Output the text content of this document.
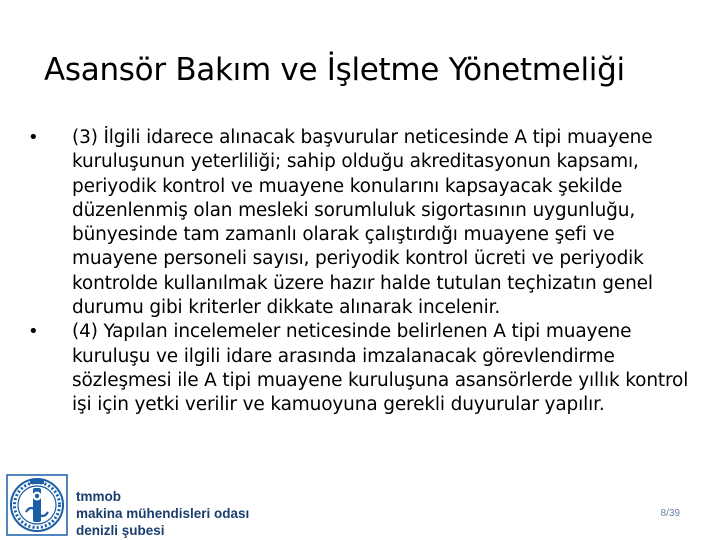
Asansör Bakım ve İşletme Yönetmeliği

•	(3) İlgili idarece alınacak başvurular neticesinde A tipi muayene kuruluşunun yeterliliği; sahip olduğu akreditasyonun kapsamı, periyodik kontrol ve muayene konularını kapsayacak şekilde düzenlenmiş olan mesleki sorumluluk sigortasının uygunluğu, bünyesinde tam zamanlı olarak çalıştırdığı muayene şefi ve muayene personeli sayısı, periyodik kontrol ücreti ve periyodik kontrolde kullanılmak üzere hazır halde tutulan teçhizatın genel durumu gibi kriterler dikkate alınarak incelenir.

•	(4) Yapılan incelemeler neticesinde belirlenen A tipi muayene kuruluşu ve ilgili idare arasında imzalanacak görevlendirme sözleşmesi ile A tipi muayene kuruluşuna asansörlerde yıllık kontrol işi için yetki verilir ve kamuoyuna gerekli duyurular yapılır.

tmmob
makina mühendisleri odası
denizli şubesi
8/39
